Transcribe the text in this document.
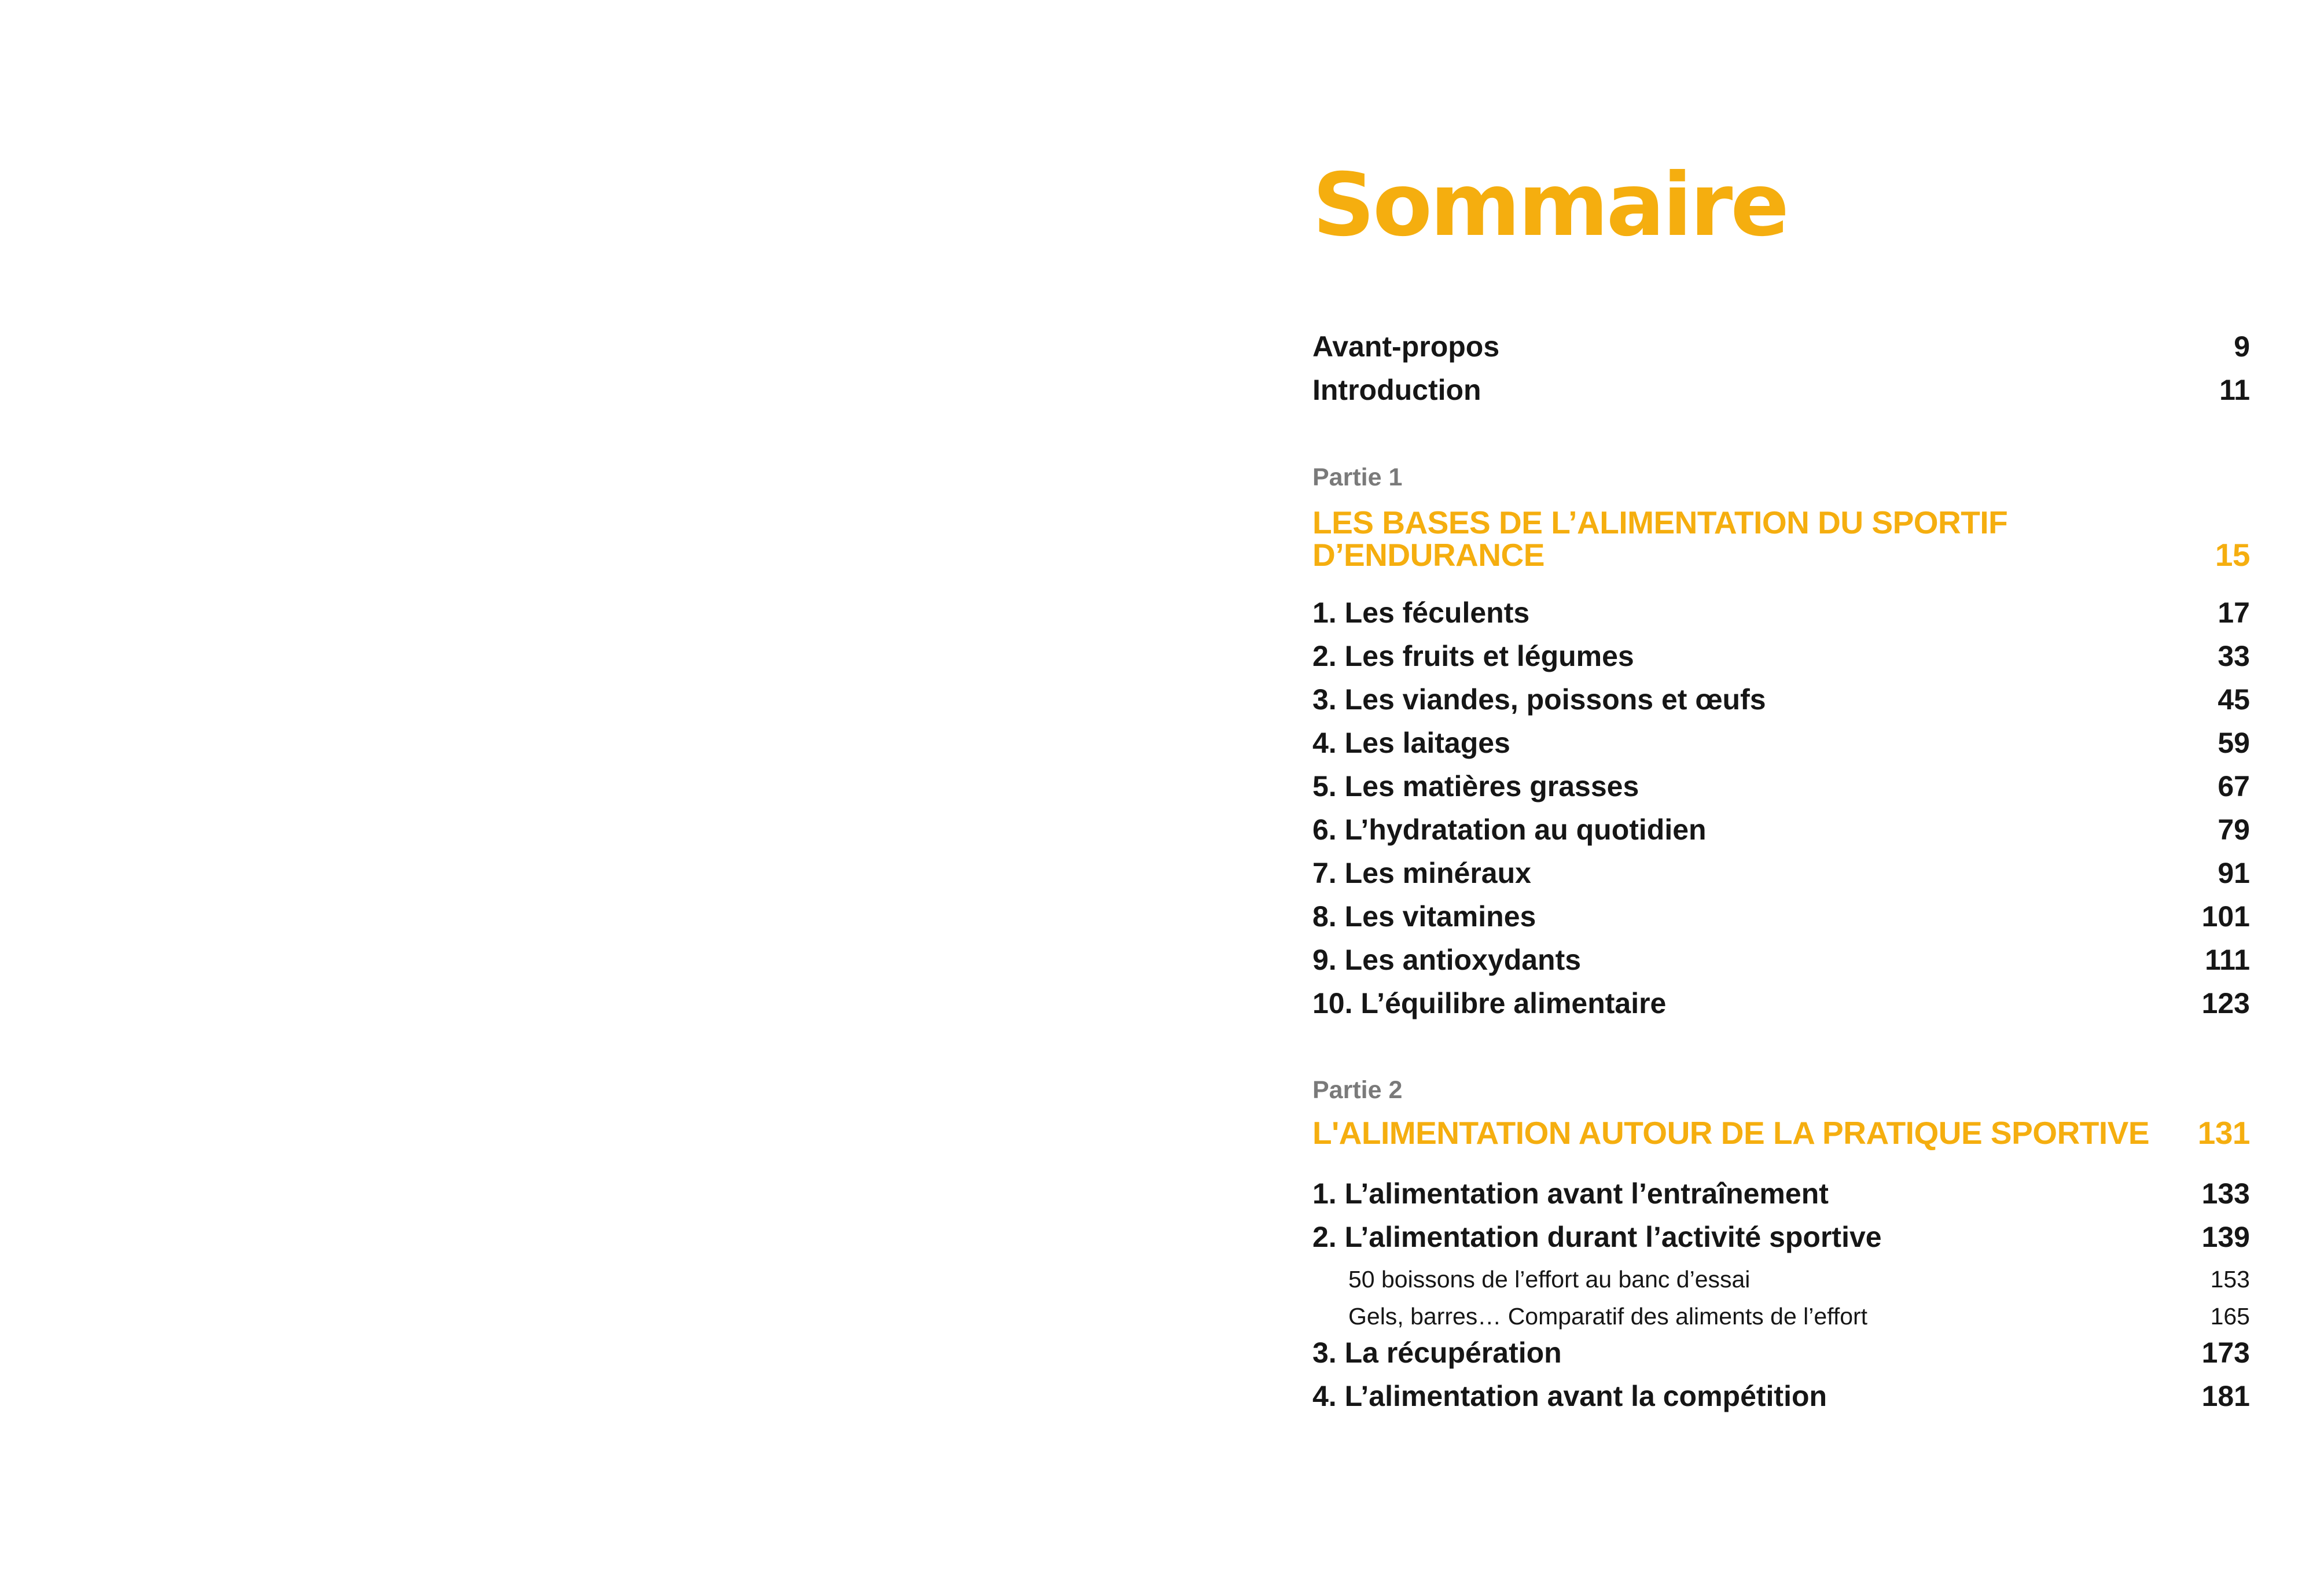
Sommaire
Avant-propos	9
Introduction	11
Partie 1
LES BASES DE L’ALIMENTATION DU SPORTIF
D’ENDURANCE	15
1. Les féculents	17
2. Les fruits et légumes	33
3. Les viandes, poissons et œufs	45
4. Les laitages	59
5. Les matières grasses	67
6. L’hydratation au quotidien	79
7. Les minéraux	91
8. Les vitamines	101
9. Les antioxydants	111
10. L’équilibre alimentaire	123
Partie 2
L'ALIMENTATION AUTOUR DE LA PRATIQUE SPORTIVE 131
1. L’alimentation avant l’entraînement	133
2. L’alimentation durant l’activité sportive	139
50 boissons de l’effort au banc d’essai	153
Gels, barres… Comparatif des aliments de l’effort	165
3. La récupération	173
4. L’alimentation avant la compétition	181
